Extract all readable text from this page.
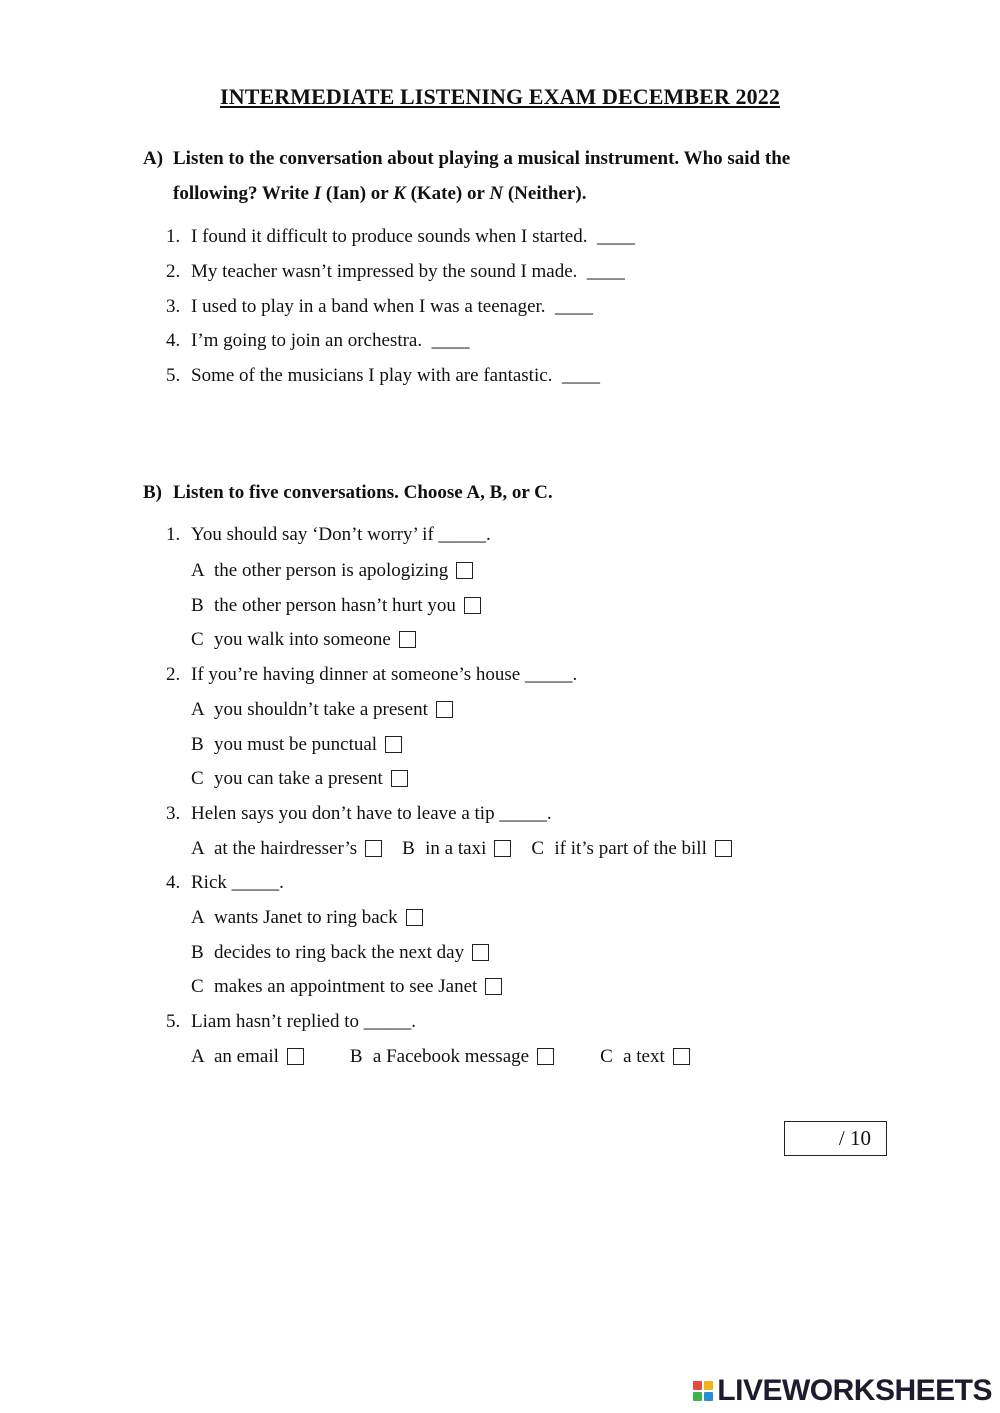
INTERMEDIATE LISTENING EXAM DECEMBER 2022
A) Listen to the conversation about playing a musical instrument. Who said the
following? Write I (Ian) or K (Kate) or N (Neither).
1. I found it difficult to produce sounds when I started. ____
2. My teacher wasn’t impressed by the sound I made. ____
3. I used to play in a band when I was a teenager. ____
4. I’m going to join an orchestra. ____
5. Some of the musicians I play with are fantastic. ____
B) Listen to five conversations. Choose A, B, or C.
1. You should say ‘Don’t worry’ if _____.
A the other person is apologizing
B the other person hasn’t hurt you
C you walk into someone
2. If you’re having dinner at someone’s house _____.
A you shouldn’t take a present
B you must be punctual
C you can take a present
3. Helen says you don’t have to leave a tip _____.
A at the hairdresser’s B in a taxi C if it’s part of the bill
4. Rick _____.
A wants Janet to ring back
B decides to ring back the next day
C makes an appointment to see Janet
5. Liam hasn’t replied to _____.
A an email	B a Facebook message	C a text
/ 10
LIVEWORKSHEETS
